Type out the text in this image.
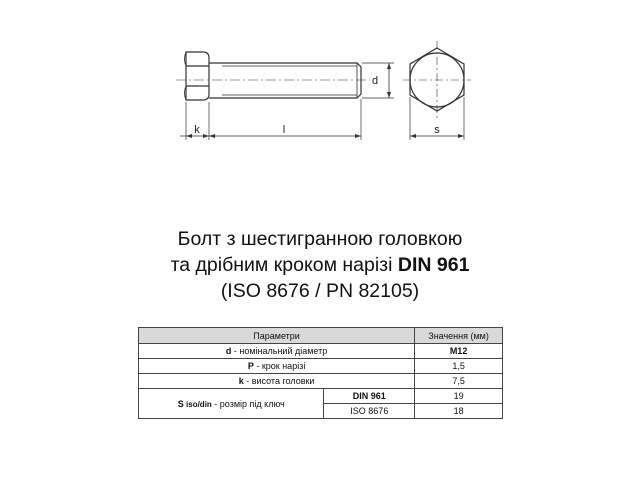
d
k	l	s
Болт з шестигранною головкою
та дрібним кроком нарізі DIN 961
(ISO 8676 / PN 82105)
Параметри		Значення (мм)
d - номінальний діаметр		M12
P - крок нарізі		1,5
k - висота головки		7,5
S iso/din - розмір під ключ	DIN 961	19
	ISO 8676	18
